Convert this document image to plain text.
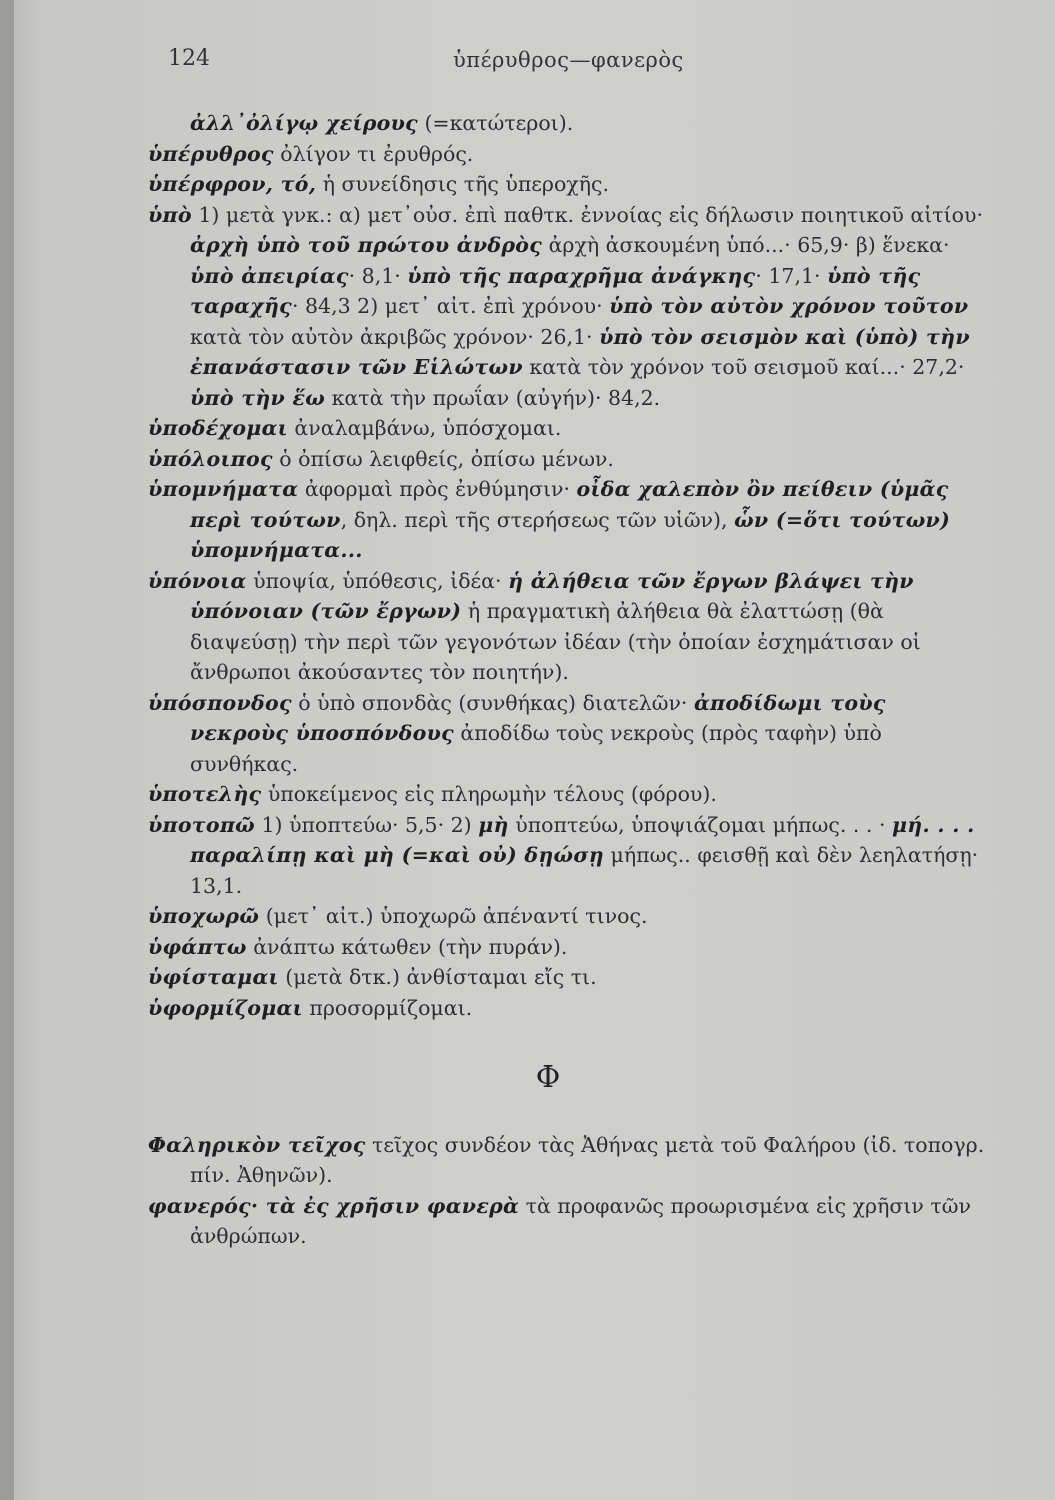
124	ὑπέρυθρος—φανερὸς

ἀλλ᾽ὀλίγῳ χείρους (=κατώτεροι).

ὑπέρυθρος ὀλίγον τι ἐρυθρός.

ὑπέρφρον, τό, ἡ συνείδησις τῆς ὑπεροχῆς.

ὑπὸ 1) μετὰ γνκ.: α) μετ᾽οὐσ. ἐπὶ παθτκ. ἐννοίας εἰς δήλωσιν ποιητικοῦ αἰτίου· ἀρχὴ ὑπὸ τοῦ πρώτου ἀνδρὸς ἀρχὴ ἀσκουμένη ὑπό...· 65,9· β) ἕνεκα· ὑπὸ ἀπειρίας· 8,1· ὑπὸ τῆς παραχρῆμα ἀνάγκης· 17,1· ὑπὸ τῆς ταραχῆς· 84,3 2) μετ᾽ αἰτ. ἐπὶ χρόνου· ὑπὸ τὸν αὐτὸν χρόνον τοῦτον κατὰ τὸν αὐτὸν ἀκριβῶς χρόνον· 26,1· ὑπὸ τὸν σεισμὸν καὶ (ὑπὸ) τὴν ἐπανάστασιν τῶν Εἱλώτων κατὰ τὸν χρόνον τοῦ σεισμοῦ καί...· 27,2· ὑπὸ τὴν ἕω κατὰ τὴν πρωΐαν (αὐγήν)· 84,2.

ὑποδέχομαι ἀναλαμβάνω, ὑπόσχομαι.

ὑπόλοιπος ὁ ὀπίσω λειφθείς, ὀπίσω μένων.

ὑπομνήματα ἀφορμαὶ πρὸς ἐνθύμησιν· οἶδα χαλεπὸν ὂν πείθειν (ὑμᾶς περὶ τούτων, δηλ. περὶ τῆς στερήσεως τῶν υἱῶν), ὧν (=ὅτι τούτων) ὑπομνήματα...

ὑπόνοια ὑποψία, ὑπόθεσις, ἰδέα· ἡ ἀλήθεια τῶν ἔργων βλάψει τὴν ὑπόνοιαν (τῶν ἔργων) ἡ πραγματικὴ ἀλήθεια θὰ ἐλαττώσῃ (θὰ διαψεύσῃ) τὴν περὶ τῶν γεγονότων ἰδέαν (τὴν ὁποίαν ἐσχημάτισαν οἱ ἄνθρωποι ἀκούσαντες τὸν ποιητήν).

ὑπόσπονδος ὁ ὑπὸ σπονδὰς (συνθήκας) διατελῶν· ἀποδίδωμι τοὺς νεκροὺς ὑποσπόνδους ἀποδίδω τοὺς νεκροὺς (πρὸς ταφὴν) ὑπὸ συνθήκας.

ὑποτελὴς ὑποκείμενος εἰς πληρωμὴν τέλους (φόρου).

ὑποτοπῶ 1) ὑποπτεύω· 5,5· 2) μὴ ὑποπτεύω, ὑποψιάζομαι μήπως. . . · μή. . . . παραλίπῃ καὶ μὴ (=καὶ οὐ) δῃώσῃ μήπως.. φεισθῇ καὶ δὲν λεηλατήσῃ· 13,1.

ὑποχωρῶ (μετ᾽ αἰτ.) ὑποχωρῶ ἀπέναντί τινος.

ὑφάπτω ἀνάπτω κάτωθεν (τὴν πυράν).

ὑφίσταμαι (μετὰ δτκ.) ἀνθίσταμαι εἴς τι.

ὑφορμίζομαι προσορμίζομαι.

Φ

Φαληρικὸν τεῖχος τεῖχος συνδέον τὰς Ἀθήνας μετὰ τοῦ Φαλήρου (ἰδ. τοπογρ. πίν. Ἀθηνῶν).

φανερός· τὰ ἐς χρῆσιν φανερὰ τὰ προφανῶς προωρισμένα εἰς χρῆσιν τῶν ἀνθρώπων.
